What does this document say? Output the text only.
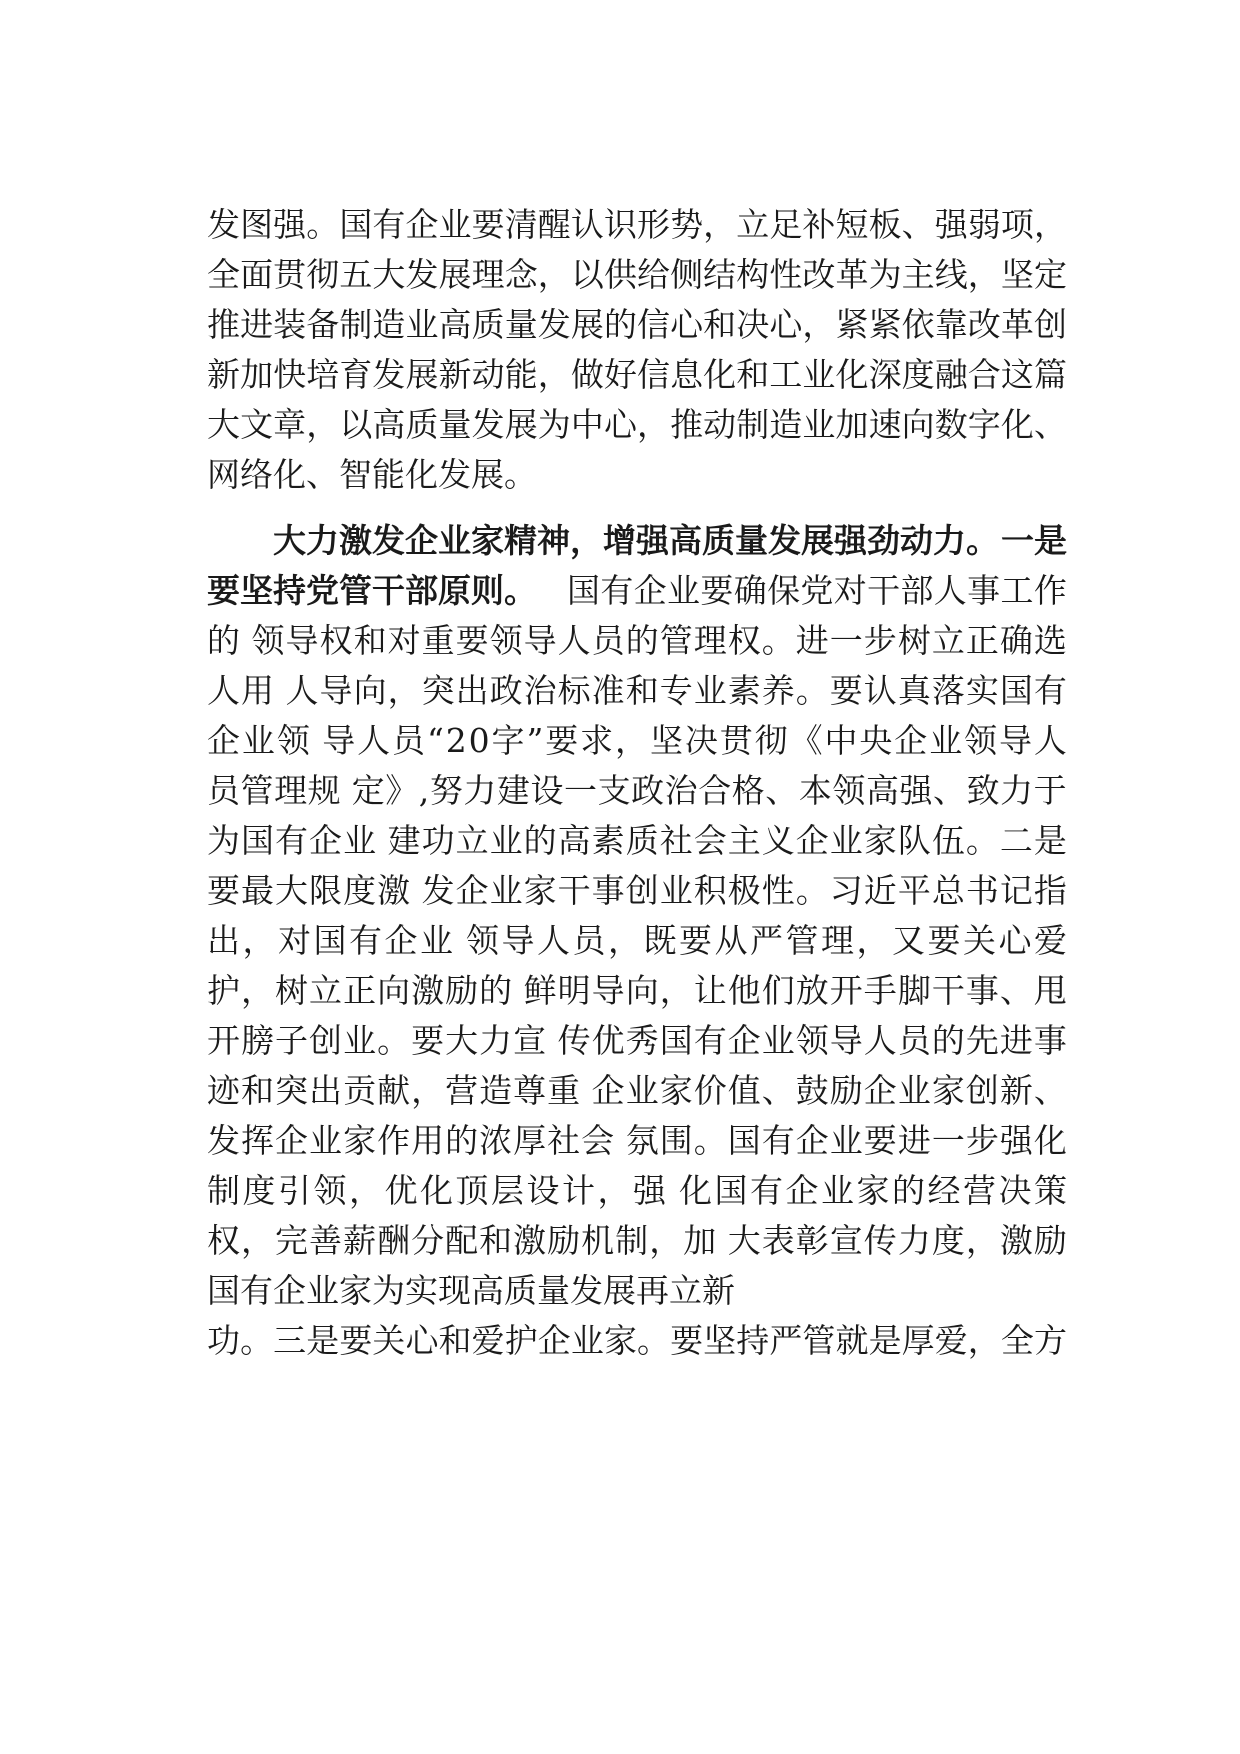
发 图 强 。 国 有 企 业 要 清 醒 认 识 形 势 ， 立 足 补 短 板 、 强 弱 项 ，
全 面 贯 彻 五 大 发 展 理 念 ， 以 供 给 侧 结 构 性 改 革 为 主 线 ， 坚 定
推 进 装 备 制 造 业 高 质 量 发 展 的 信 心 和 决 心 ， 紧 紧 依 靠 改 革 创
新 加 快 培 育 发 展 新 动 能 ， 做 好 信 息 化 和 工 业 化 深 度 融 合 这 篇
大 文 章 ， 以 高 质 量 发 展 为 中 心 ， 推 动 制 造 业 加 速 向 数 字 化 、
网络化、智能化发展。
大力激发企业家精神，增强高质量发展强劲动力。 一是
要坚持党管干部原则。 国 有 企 业 要 确 保 党 对 干 部 人 事 工 作
的 领 导 权 和 对 重 要 领 导 人 员 的 管 理 权 。 进 一 步 树 立 正 确 选
人 用 人 导 向 ， 突 出 政 治 标 准 和 专 业 素 养 。 要 认 真 落 实 国 有
企 业 领 导 人 员 “ 2 0 字 ” 要 求 ， 坚 决 贯 彻 《 中 央 企 业 领 导 人
员 管 理 规 定 》 , 努 力 建 设 一 支 政 治 合 格 、 本 领 高 强 、 致 力 于
为 国 有 企 业 建 功 立 业 的 高 素 质 社 会 主 义 企 业 家 队 伍 。 二 是
要 最 大 限 度 激 发 企 业 家 干 事 创 业 积 极 性 。 习 近 平 总 书 记 指
出 ， 对 国 有 企 业 领 导 人 员 ， 既 要 从 严 管 理 ， 又 要 关 心 爱
护 ， 树 立 正 向 激 励 的 鲜 明 导 向 ， 让 他 们 放 开 手 脚 干 事 、 甩
开 膀 子 创 业 。 要 大 力 宣 传 优 秀 国 有 企 业 领 导 人 员 的 先 进 事
迹 和 突 出 贡 献 ， 营 造 尊 重 企 业 家 价 值 、 鼓 励 企 业 家 创 新 、
发 挥 企 业 家 作 用 的 浓 厚 社 会 氛 围 。 国 有 企 业 要 进 一 步 强 化
制 度 引 领 ， 优 化 顶 层 设 计 ， 强 化 国 有 企 业 家 的 经 营 决 策
权 ， 完 善 薪 酬 分 配 和 激 励 机 制 ， 加 大 表 彰 宣 传 力 度 ， 激 励
国有企业家为实现高质量发展再立新
功 。 三 是 要 关 心 和 爱 护 企 业 家 。 要 坚 持 严 管 就 是 厚 爱 ， 全 方
